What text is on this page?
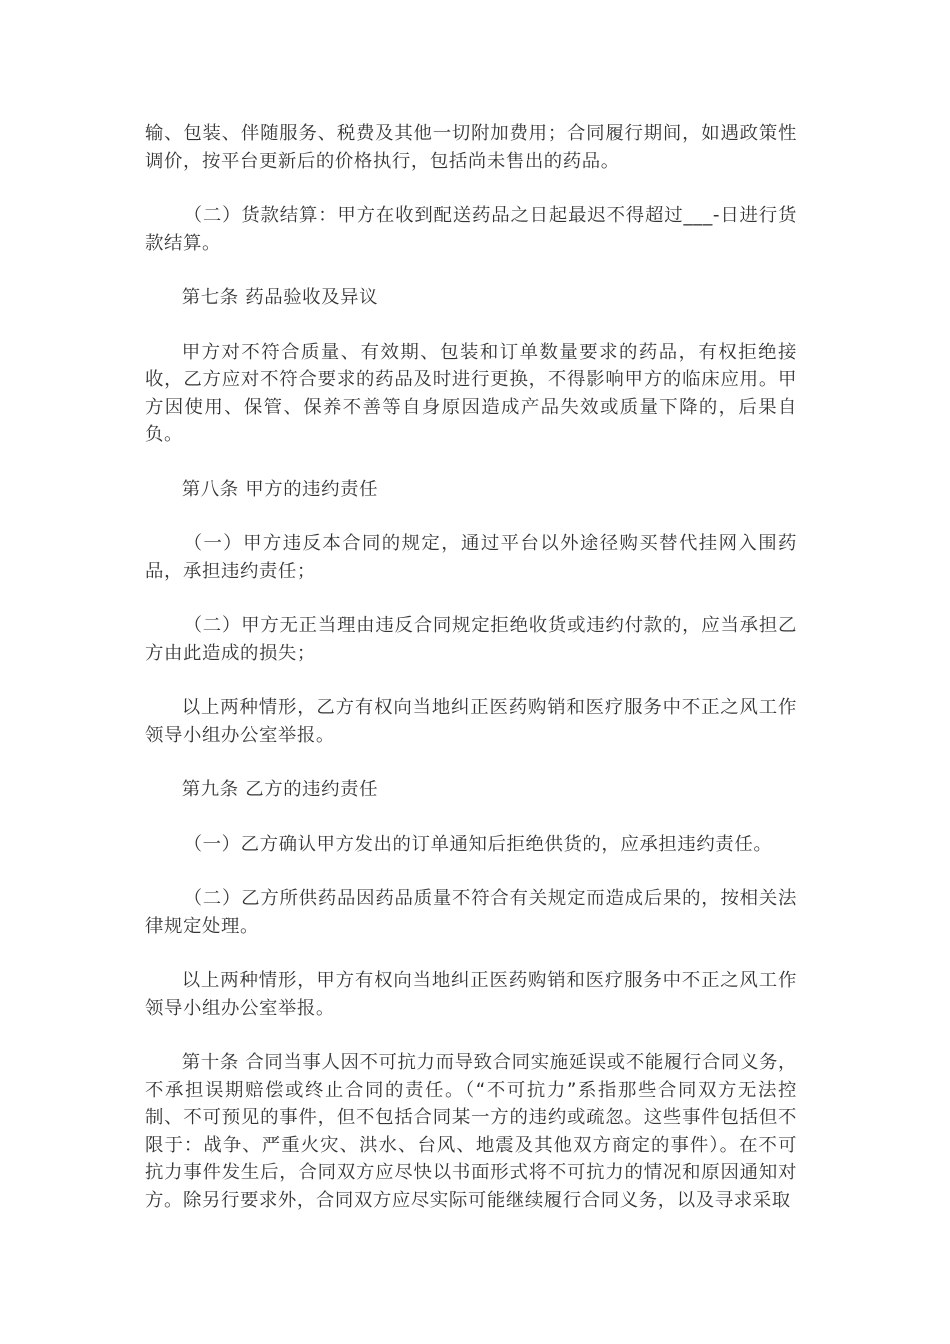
输、包装、伴随服务、税费及其他一切附加费用；合同履行期间，如遇政策性调价，按平台更新后的价格执行，包括尚未售出的药品。

（二）货款结算：甲方在收到配送药品之日起最迟不得超过___-日进行货款结算。

第七条 药品验收及异议

甲方对不符合质量、有效期、包装和订单数量要求的药品，有权拒绝接收，乙方应对不符合要求的药品及时进行更换，不得影响甲方的临床应用。甲方因使用、保管、保养不善等自身原因造成产品失效或质量下降的，后果自负。

第八条 甲方的违约责任

（一）甲方违反本合同的规定，通过平台以外途径购买替代挂网入围药品，承担违约责任；

（二）甲方无正当理由违反合同规定拒绝收货或违约付款的，应当承担乙方由此造成的损失；

以上两种情形，乙方有权向当地纠正医药购销和医疗服务中不正之风工作领导小组办公室举报。

第九条 乙方的违约责任

（一）乙方确认甲方发出的订单通知后拒绝供货的，应承担违约责任。

（二）乙方所供药品因药品质量不符合有关规定而造成后果的，按相关法律规定处理。

以上两种情形，甲方有权向当地纠正医药购销和医疗服务中不正之风工作领导小组办公室举报。

第十条 合同当事人因不可抗力而导致合同实施延误或不能履行合同义务，不承担误期赔偿或终止合同的责任。（“不可抗力”系指那些合同双方无法控制、不可预见的事件，但不包括合同某一方的违约或疏忽。这些事件包括但不限于：战争、严重火灾、洪水、台风、地震及其他双方商定的事件）。在不可抗力事件发生后，合同双方应尽快以书面形式将不可抗力的情况和原因通知对方。除另行要求外，合同双方应尽实际可能继续履行合同义务，以及寻求采取
